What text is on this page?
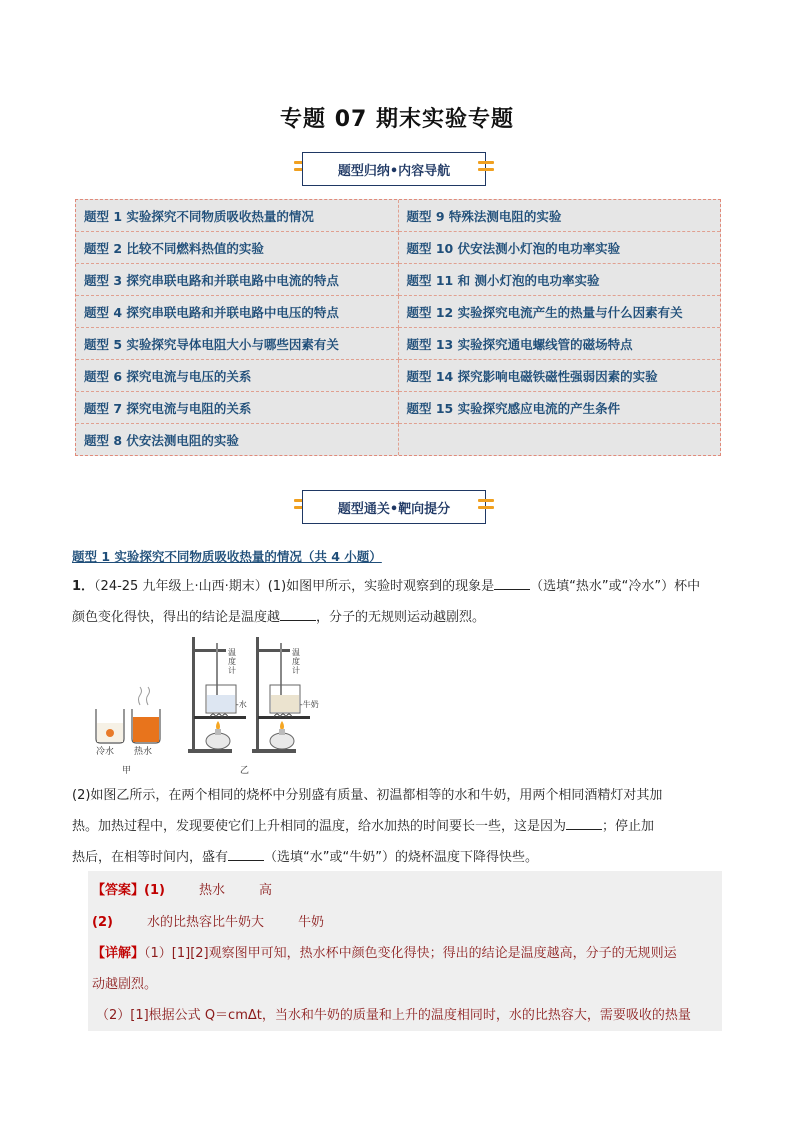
专题 07 期末实验专题
题型归纳•内容导航
题型 1 实验探究不同物质吸收热量的情况	题型 9 特殊法测电阻的实验
题型 2 比较不同燃料热值的实验	题型 10 伏安法测小灯泡的电功率实验
题型 3 探究串联电路和并联电路中电流的特点	题型 11 和 测小灯泡的电功率实验
题型 4 探究串联电路和并联电路中电压的特点	题型 12 实验探究电流产生的热量与什么因素有关
题型 5 实验探究导体电阻大小与哪些因素有关	题型 13 实验探究通电螺线管的磁场特点
题型 6 探究电流与电压的关系	题型 14 探究影响电磁铁磁性强弱因素的实验
题型 7 探究电流与电阻的关系	题型 15 实验探究感应电流的产生条件
题型 8 伏安法测电阻的实验	
题型通关•靶向提分
题型 1 实验探究不同物质吸收热量的情况（共 4 小题）
1．（24-25 九年级上·山西·期末）(1)如图甲所示，实验时观察到的现象是	（选填“热水”或“冷水”）杯中
颜色变化得快，得出的结论是温度越	，分子的无规则运动越剧烈。
冷水 热水
甲
温度计
-水
温度计
-牛奶
乙
(2)如图乙所示，在两个相同的烧杯中分别盛有质量、初温都相等的水和牛奶，用两个相同酒精灯对其加
热。加热过程中，发现要使它们上升相同的温度，给水加热的时间要长一些，这是因为	；停止加
热后，在相等时间内，盛有	（选填“水”或“牛奶”）的烧杯温度下降得快些。
【答案】(1)	热水	高
(2)	水的比热容比牛奶大	牛奶
【详解】（1）[1][2]观察图甲可知，热水杯中颜色变化得快；得出的结论是温度越高，分子的无规则运
动越剧烈。
（2）[1]根据公式 Q＝cmΔt，当水和牛奶的质量和上升的温度相同时，水的比热容大，需要吸收的热量
